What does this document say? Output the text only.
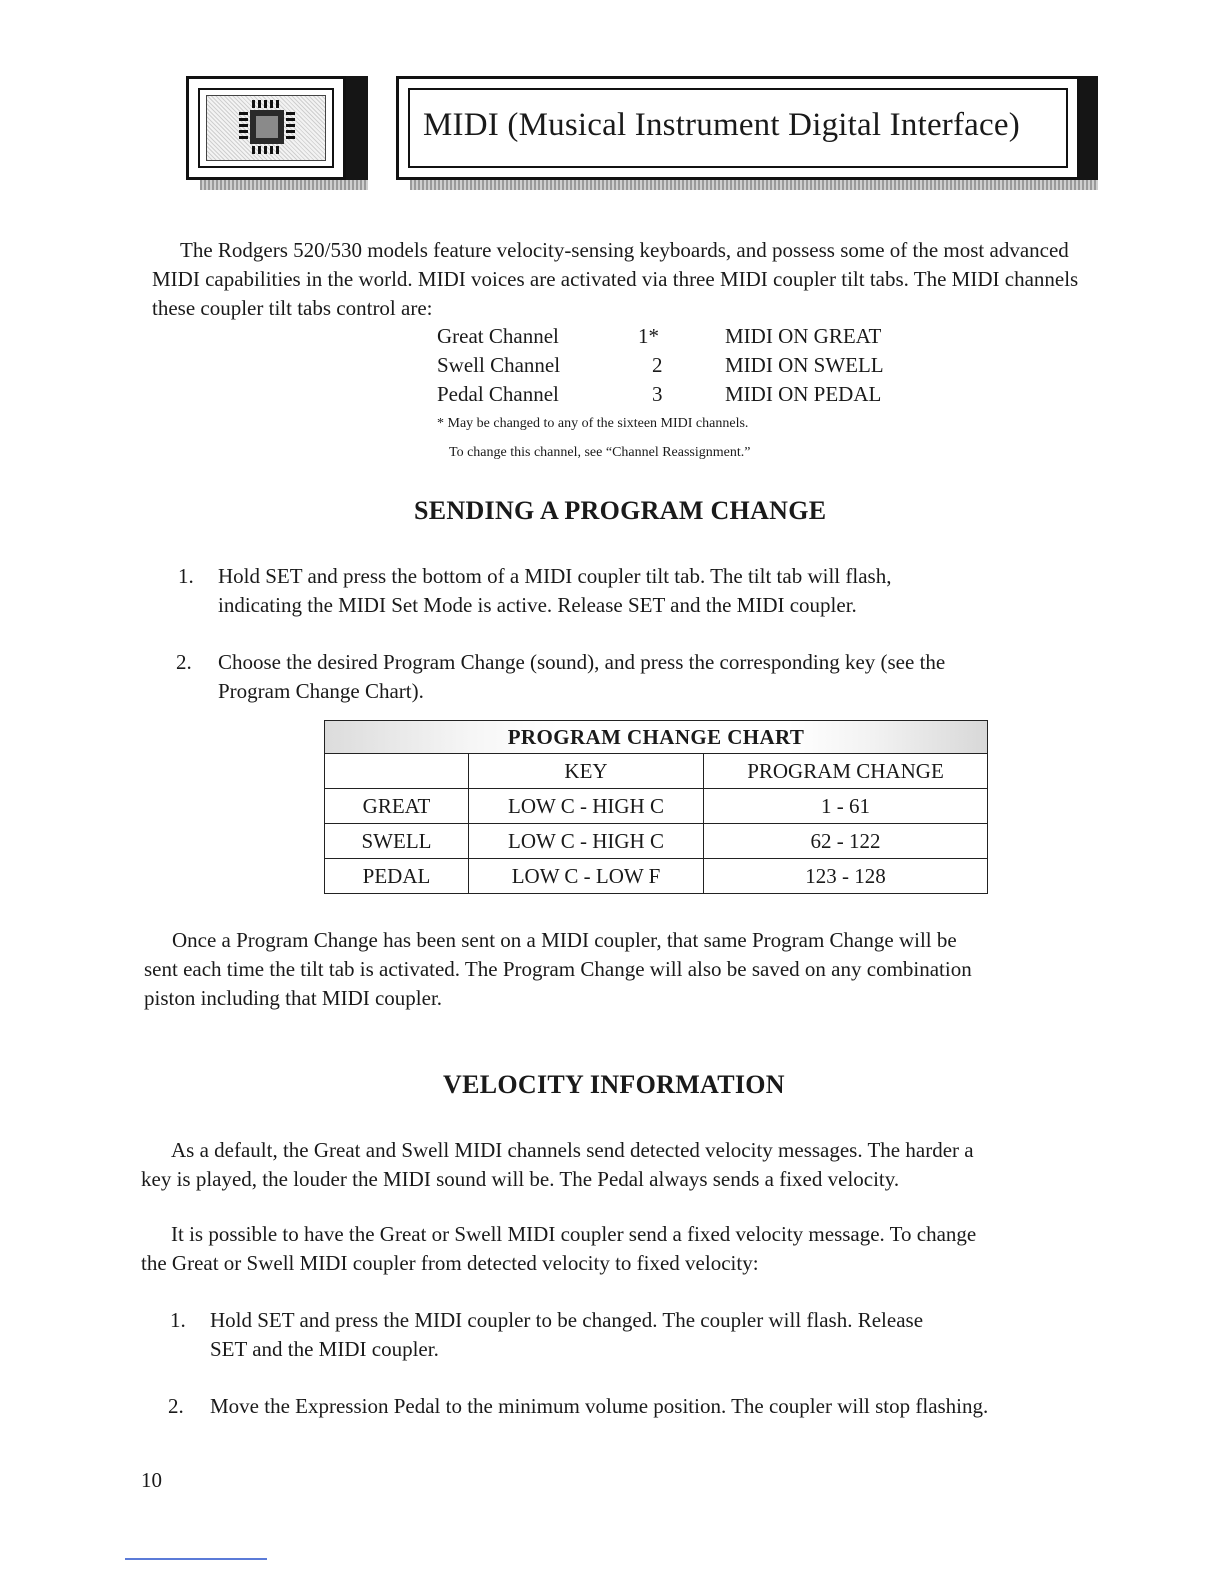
MIDI (Musical Instrument Digital Interface)
The Rodgers 520/530 models feature velocity-sensing keyboards, and possess some of the most advanced MIDI capabilities in the world. MIDI voices are activated via three MIDI coupler tilt tabs. The MIDI channels these coupler tilt tabs control are:
Great Channel	1*	MIDI ON GREAT
Swell Channel	2	MIDI ON SWELL
Pedal Channel	3	MIDI ON PEDAL
* May be changed to any of the sixteen MIDI channels.
To change this channel, see “Channel Reassignment.”
SENDING A PROGRAM CHANGE
1. Hold SET and press the bottom of a MIDI coupler tilt tab. The tilt tab will flash,
indicating the MIDI Set Mode is active. Release SET and the MIDI coupler.
2. Choose the desired Program Change (sound), and press the corresponding key (see the
Program Change Chart).
PROGRAM CHANGE CHART		
	KEY	PROGRAM CHANGE
GREAT	LOW C - HIGH C	1 - 61
SWELL	LOW C - HIGH C	62 - 122
PEDAL	LOW C - LOW F	123 - 128
Once a Program Change has been sent on a MIDI coupler, that same Program Change will be
sent each time the tilt tab is activated. The Program Change will also be saved on any combination
piston including that MIDI coupler.
VELOCITY INFORMATION
As a default, the Great and Swell MIDI channels send detected velocity messages. The harder a
key is played, the louder the MIDI sound will be. The Pedal always sends a fixed velocity.
It is possible to have the Great or Swell MIDI coupler send a fixed velocity message. To change
the Great or Swell MIDI coupler from detected velocity to fixed velocity:
1. Hold SET and press the MIDI coupler to be changed. The coupler will flash. Release
SET and the MIDI coupler.
2. Move the Expression Pedal to the minimum volume position. The coupler will stop flashing.
10
